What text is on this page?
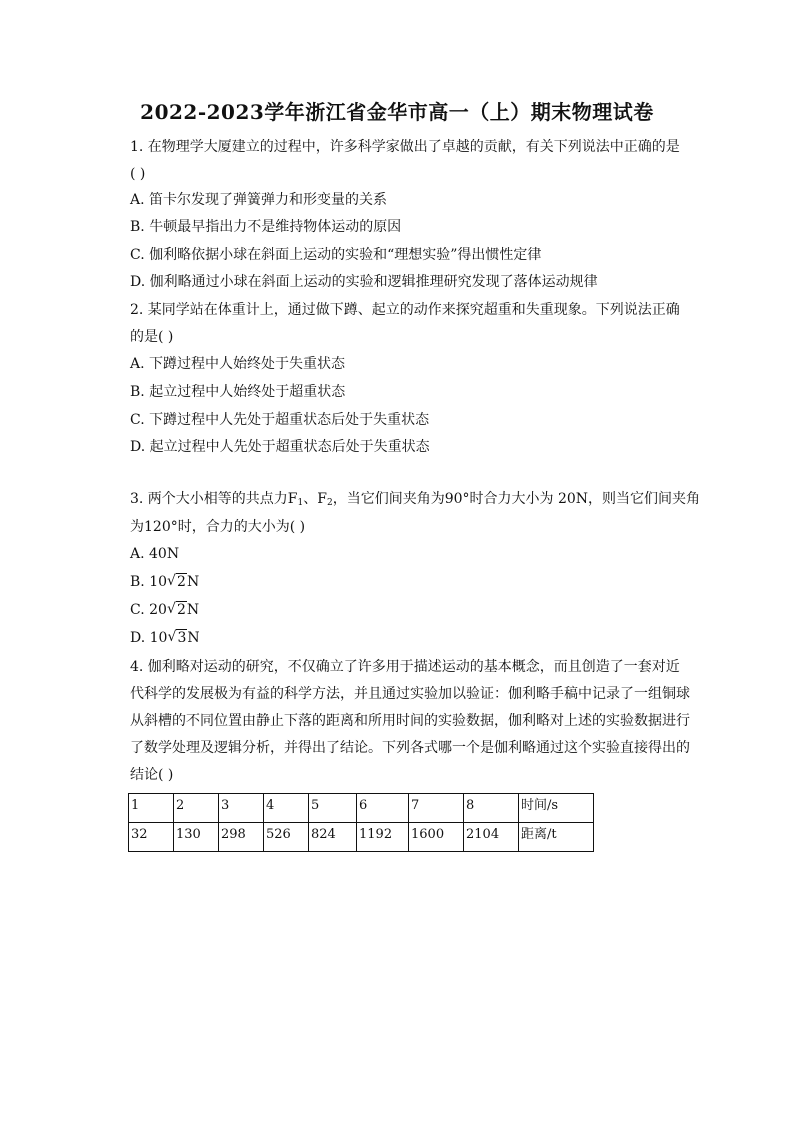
2022-2023学年浙江省金华市高一（上）期末物理试卷
1. 在物理学大厦建立的过程中，许多科学家做出了卓越的贡献，有关下列说法中正确的是
( )
A. 笛卡尔发现了弹簧弹力和形变量的关系
B. 牛顿最早指出力不是维持物体运动的原因
C. 伽利略依据小球在斜面上运动的实验和“理想实验”得出惯性定律
D. 伽利略通过小球在斜面上运动的实验和逻辑推理研究发现了落体运动规律
2. 某同学站在体重计上，通过做下蹲、起立的动作来探究超重和失重现象。下列说法正确
的是( )
A. 下蹲过程中人始终处于失重状态
B. 起立过程中人始终处于超重状态
C. 下蹲过程中人先处于超重状态后处于失重状态
D. 起立过程中人先处于超重状态后处于失重状态
3. 两个大小相等的共点力$F_1$、$F_2$，当它们间夹角为90°时合力大小为 20N，则当它们间夹角
为120°时，合力的大小为( )
A. 40N
B. 10 √ 2N
C. 20 √ 2N
D. 10 √ 3N
4. 伽利略对运动的研究，不仅确立了许多用于描述运动的基本概念，而且创造了一套对近
代科学的发展极为有益的科学方法，并且通过实验加以验证：伽利略手稿中记录了一组铜球
从斜槽的不同位置由静止下落的距离和所用时间的实验数据，伽利略对上述的实验数据进行
了数学处理及逻辑分析，并得出了结论。下列各式哪一个是伽利略通过这个实验直接得出的
结论( )
1	2	3	4	5	6	7	8	时间/s
32	130	298	526	824	1192	1600	2104	距离/t
